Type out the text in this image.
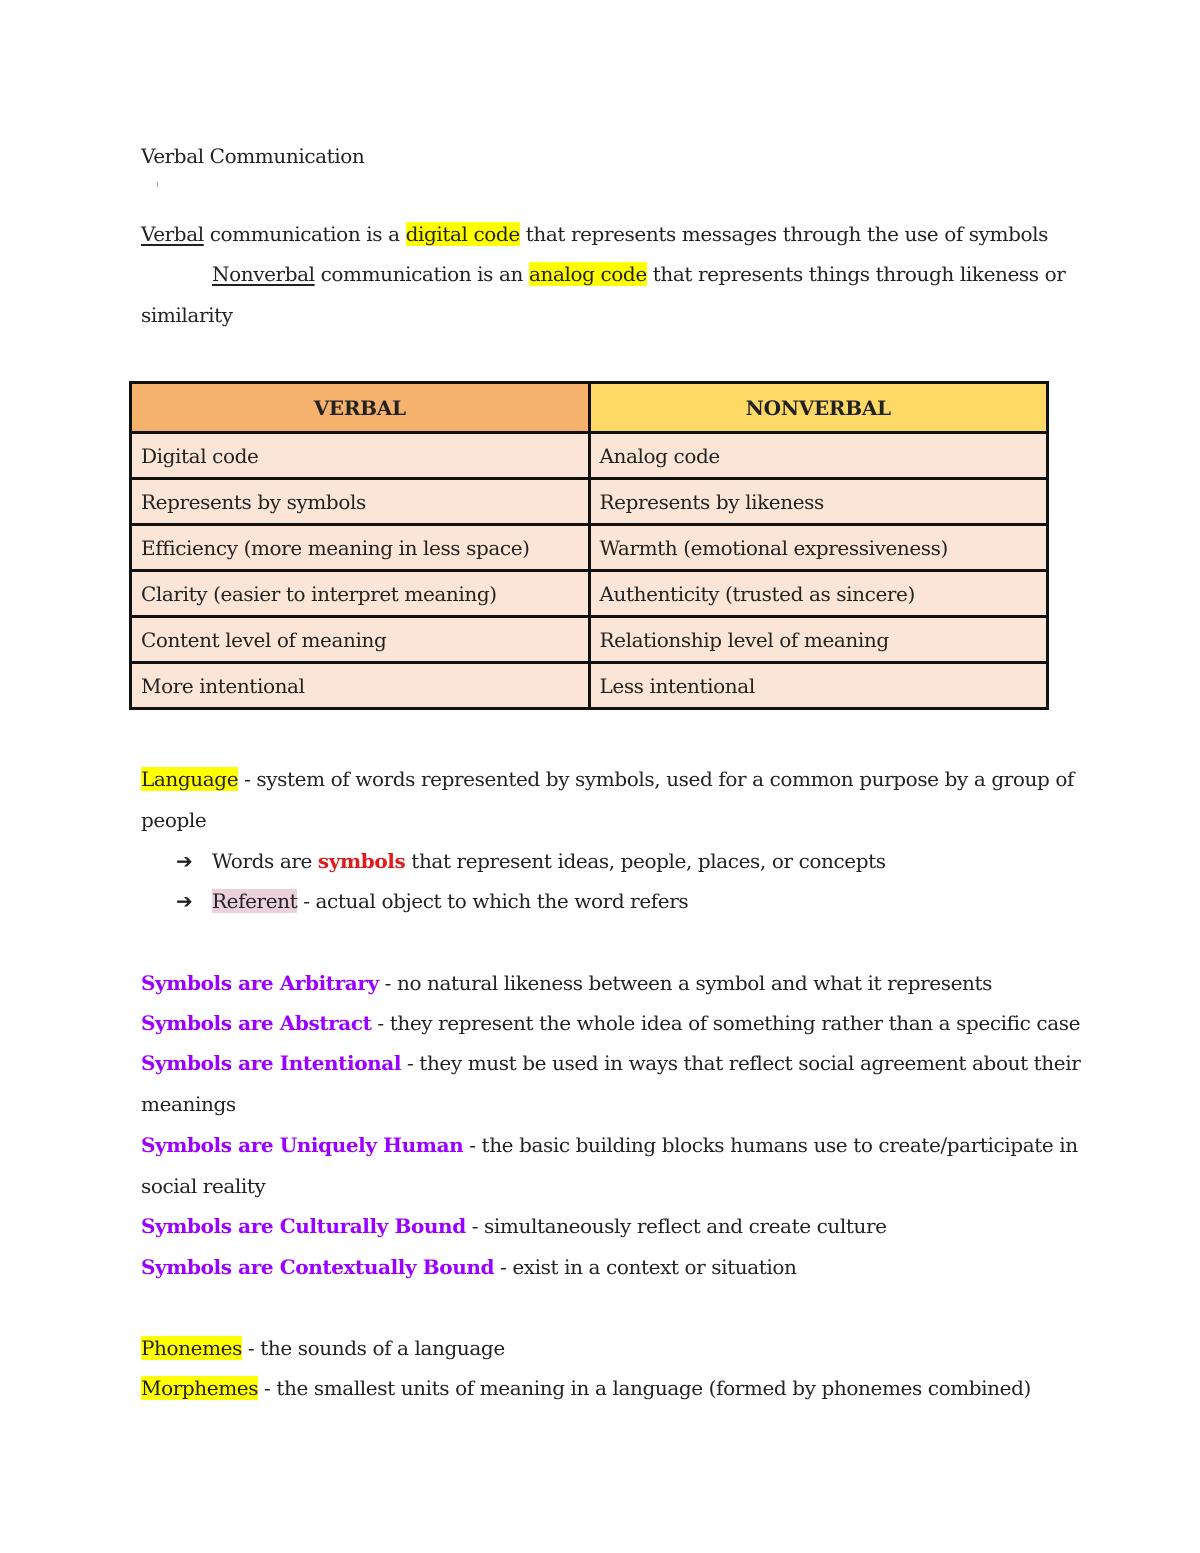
Verbal Communication
Verbal communication is a digital code that represents messages through the use of symbols
Nonverbal communication is an analog code that represents things through likeness or
similarity
VERBAL	NONVERBAL
Digital code	Analog code
Represents by symbols	Represents by likeness
Efficiency (more meaning in less space)	Warmth (emotional expressiveness)
Clarity (easier to interpret meaning)	Authenticity (trusted as sincere)
Content level of meaning	Relationship level of meaning
More intentional	Less intentional
Language - system of words represented by symbols, used for a common purpose by a group of
people
➔ Words are symbols that represent ideas, people, places, or concepts
➔ Referent - actual object to which the word refers
Symbols are Arbitrary - no natural likeness between a symbol and what it represents
Symbols are Abstract - they represent the whole idea of something rather than a specific case
Symbols are Intentional - they must be used in ways that reflect social agreement about their
meanings
Symbols are Uniquely Human - the basic building blocks humans use to create/participate in
social reality
Symbols are Culturally Bound - simultaneously reflect and create culture
Symbols are Contextually Bound - exist in a context or situation
Phonemes - the sounds of a language
Morphemes - the smallest units of meaning in a language (formed by phonemes combined)
